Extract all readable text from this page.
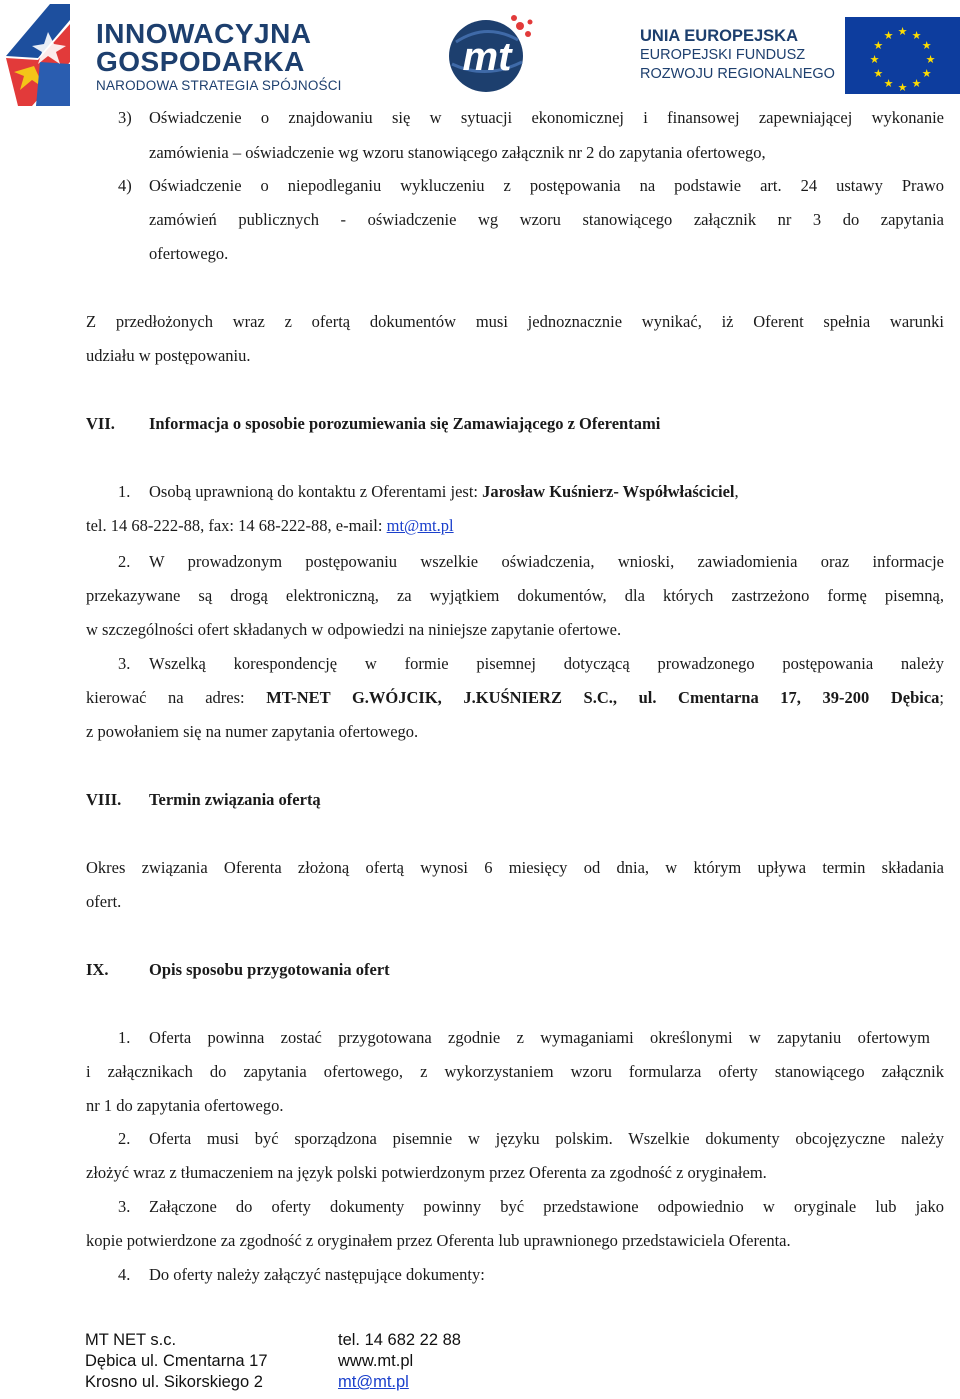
INNOWACYJNA
GOSPODARKA
NARODOWA STRATEGIA SPÓJNOŚCI
mt	UNIA EUROPEJSKA
EUROPEJSKI FUNDUSZ
ROZWOJU REGIONALNEGO
★ ★
★
★
★
★
★
★
★
★
★
★
3) Oświadczenie o znajdowaniu się w sytuacji ekonomicznej i finansowej zapewniającej wykonanie
zamówienia – oświadczenie wg wzoru stanowiącego załącznik nr 2 do zapytania ofertowego,
4) Oświadczenie o niepodleganiu wykluczeniu z postępowania na podstawie art. 24 ustawy Prawo
zamówień publicznych - oświadczenie wg wzoru stanowiącego załącznik nr 3 do zapytania
ofertowego.
Z przedłożonych wraz z ofertą dokumentów musi jednoznacznie wynikać, iż Oferent spełnia warunki
udziału w postępowaniu.
VII. Informacja o sposobie porozumiewania się Zamawiającego z Oferentami
1. Osobą uprawnioną do kontaktu z Oferentami jest: Jarosław Kuśnierz- Współwłaściciel,
tel. 14 68-222-88, fax: 14 68-222-88, e-mail: mt@mt.pl
2. W prowadzonym postępowaniu wszelkie oświadczenia, wnioski, zawiadomienia oraz informacje
przekazywane są drogą elektroniczną, za wyjątkiem dokumentów, dla których zastrzeżono formę pisemną,
w szczególności ofert składanych w odpowiedzi na niniejsze zapytanie ofertowe.
3. Wszelką korespondencję w formie pisemnej dotyczącą prowadzonego postępowania należy
kierować na adres: MT-NET G.WÓJCIK, J.KUŚNIERZ S.C., ul. Cmentarna 17, 39-200 Dębica;
z powołaniem się na numer zapytania ofertowego.
VIII. Termin związania ofertą
Okres związania Oferenta złożoną ofertą wynosi 6 miesięcy od dnia, w którym upływa termin składania
ofert.
IX. Opis sposobu przygotowania ofert
1. Oferta powinna zostać przygotowana zgodnie z wymaganiami określonymi w zapytaniu ofertowym
i załącznikach do zapytania ofertowego, z wykorzystaniem wzoru formularza oferty stanowiącego załącznik
nr 1 do zapytania ofertowego.
2. Oferta musi być sporządzona pisemnie w języku polskim. Wszelkie dokumenty obcojęzyczne należy
złożyć wraz z tłumaczeniem na język polski potwierdzonym przez Oferenta za zgodność z oryginałem.
3. Załączone do oferty dokumenty powinny być przedstawione odpowiednio w oryginale lub jako
kopie potwierdzone za zgodność z oryginałem przez Oferenta lub uprawnionego przedstawiciela Oferenta.
4. Do oferty należy załączyć następujące dokumenty:
MT NET s.c.
Dębica ul. Cmentarna 17
Krosno ul. Sikorskiego 2
tel. 14 682 22 88
www.mt.pl
mt@mt.pl
